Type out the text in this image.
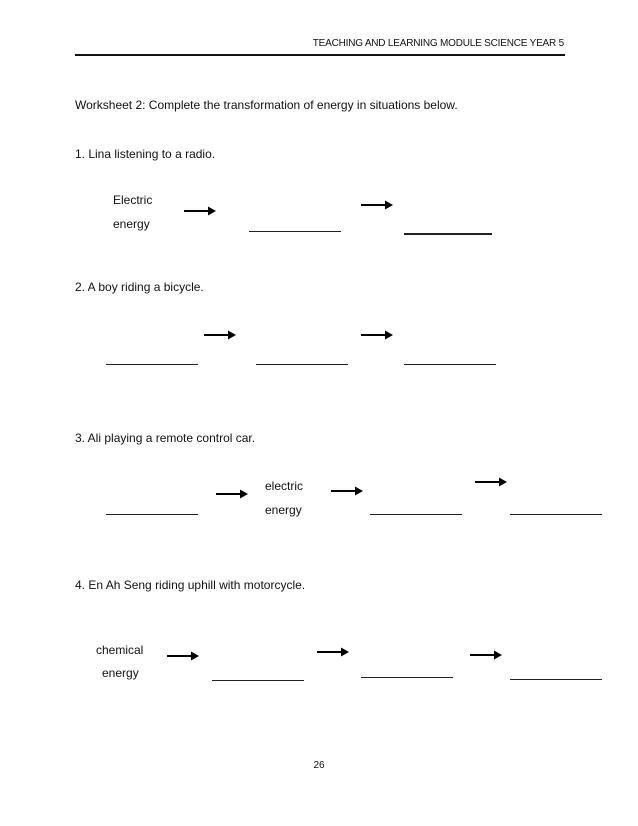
TEACHING AND LEARNING MODULE SCIENCE YEAR 5
Worksheet 2: Complete the transformation of energy in situations below.
1. Lina listening to a radio.
Electric
energy
2. A boy riding a bicycle.
3. Ali playing a remote control car.
electric
energy
4. En Ah Seng riding uphill with motorcycle.
chemical
energy
26
